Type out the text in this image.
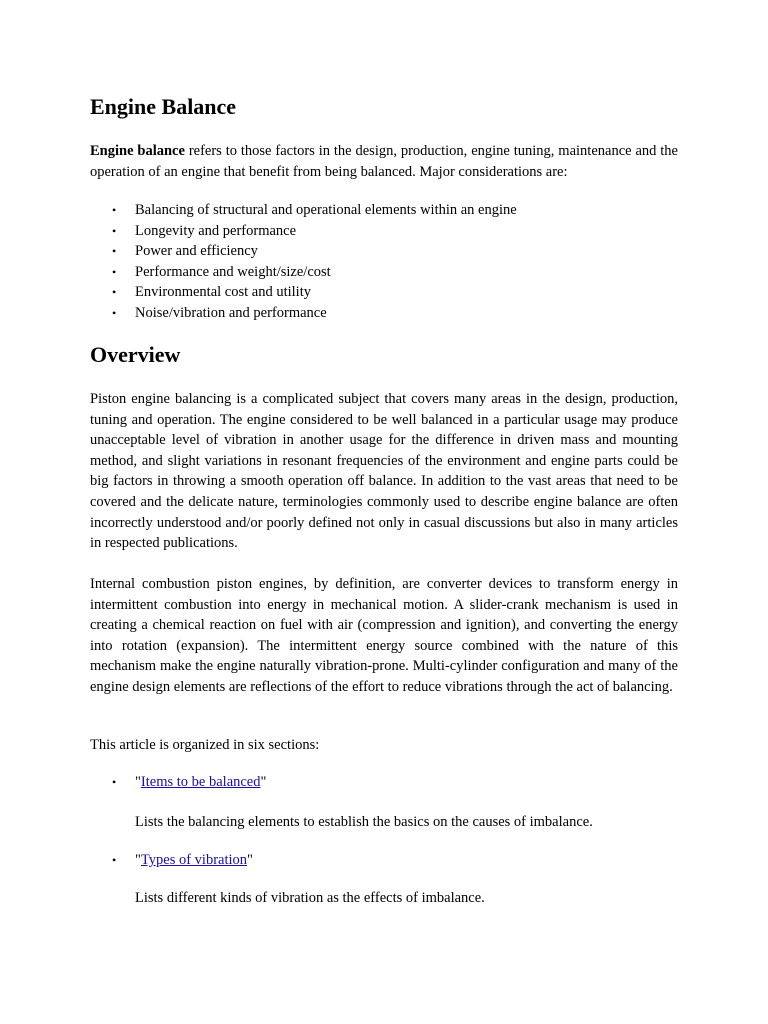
Engine Balance

Engine balance refers to those factors in the design, production, engine tuning, maintenance and the operation of an engine that benefit from being balanced. Major considerations are:

• Balancing of structural and operational elements within an engine
• Longevity and performance
• Power and efficiency
• Performance and weight/size/cost
• Environmental cost and utility
• Noise/vibration and performance
Overview

Piston engine balancing is a complicated subject that covers many areas in the design, production, tuning and operation. The engine considered to be well balanced in a particular usage may produce unacceptable level of vibration in another usage for the difference in driven mass and mounting method, and slight variations in resonant frequencies of the environment and engine parts could be big factors in throwing a smooth operation off balance. In addition to the vast areas that need to be covered and the delicate nature, terminologies commonly used to describe engine balance are often incorrectly understood and/or poorly defined not only in casual discussions but also in many articles in respected publications.

Internal combustion piston engines, by definition, are converter devices to transform energy in intermittent combustion into energy in mechanical motion. A slider-crank mechanism is used in creating a chemical reaction on fuel with air (compression and ignition), and converting the energy into rotation (expansion). The intermittent energy source combined with the nature of this mechanism make the engine naturally vibration-prone. Multi-cylinder configuration and many of the engine design elements are reflections of the effort to reduce vibrations through the act of balancing.

This article is organized in six sections:

• "Items to be balanced"
Lists the balancing elements to establish the basics on the causes of imbalance.
• "Types of vibration"
Lists different kinds of vibration as the effects of imbalance.
